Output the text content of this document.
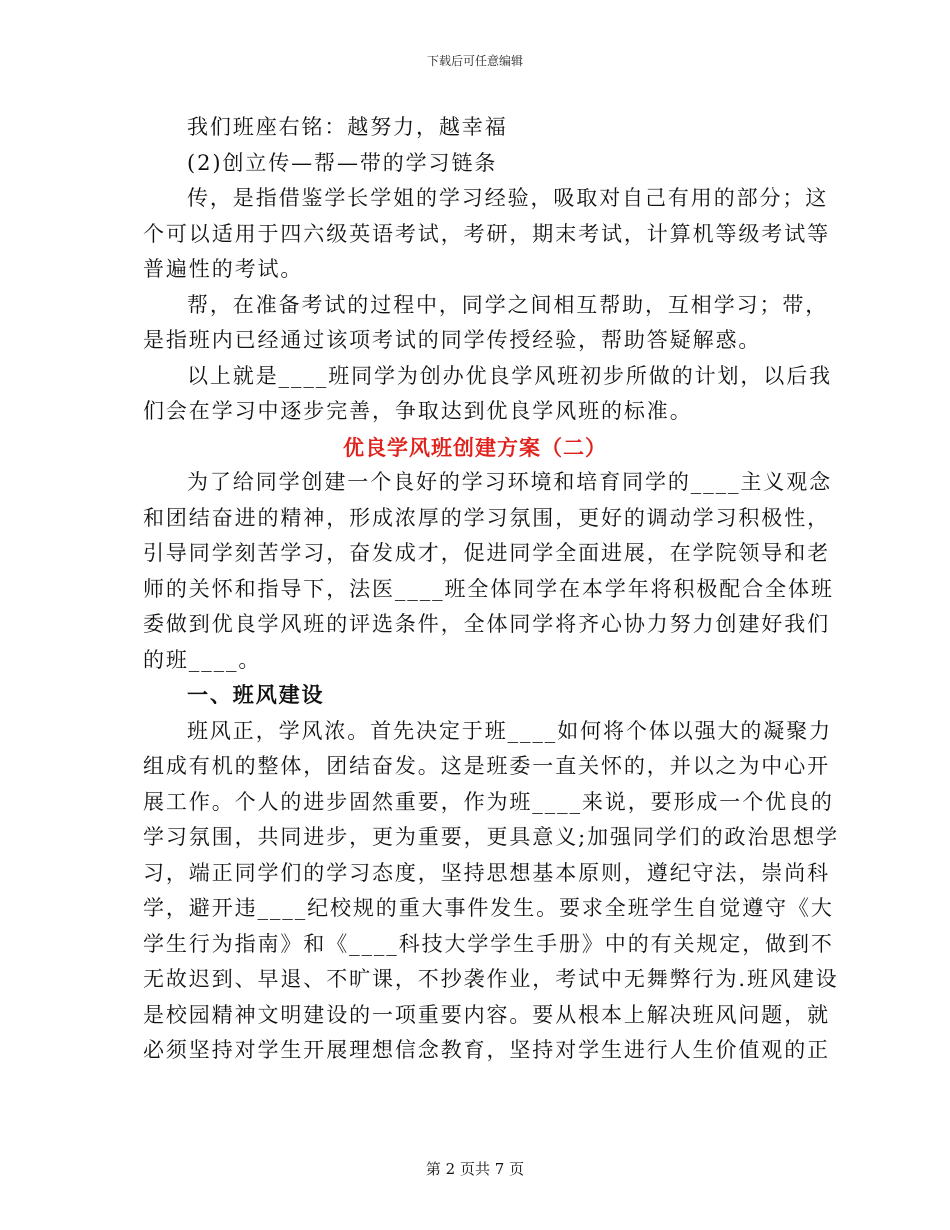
下载后可任意编辑
我们班座右铭：越努力，越幸福
(2)创立传—帮—带的学习链条
传，是指借鉴学长学姐的学习经验，吸取对自己有用的部分；这
个可以适用于四六级英语考试，考研，期末考试，计算机等级考试等
普遍性的考试。
帮，在准备考试的过程中，同学之间相互帮助，互相学习；带，
是指班内已经通过该项考试的同学传授经验，帮助答疑解惑。
以上就是____班同学为创办优良学风班初步所做的计划，以后我
们会在学习中逐步完善，争取达到优良学风班的标准。
优良学风班创建方案（二）
为了给同学创建一个良好的学习环境和培育同学的____主义观念
和团结奋进的精神，形成浓厚的学习氛围，更好的调动学习积极性，
引导同学刻苦学习，奋发成才，促进同学全面进展，在学院领导和老
师的关怀和指导下，法医____班全体同学在本学年将积极配合全体班
委做到优良学风班的评选条件，全体同学将齐心协力努力创建好我们
的班____。
一、班风建设
班风正，学风浓。首先决定于班____如何将个体以强大的凝聚力
组成有机的整体，团结奋发。这是班委一直关怀的，并以之为中心开
展工作。个人的进步固然重要，作为班____来说，要形成一个优良的
学习氛围，共同进步，更为重要，更具意义;加强同学们的政治思想学
习，端正同学们的学习态度，坚持思想基本原则，遵纪守法，崇尚科
学，避开违____纪校规的重大事件发生。要求全班学生自觉遵守《大
学生行为指南》和《____科技大学学生手册》中的有关规定，做到不
无故迟到、早退、不旷课，不抄袭作业，考试中无舞弊行为.班风建设
是校园精神文明建设的一项重要内容。要从根本上解决班风问题，就
必须坚持对学生开展理想信念教育，坚持对学生进行人生价值观的正
第 2 页共 7 页
